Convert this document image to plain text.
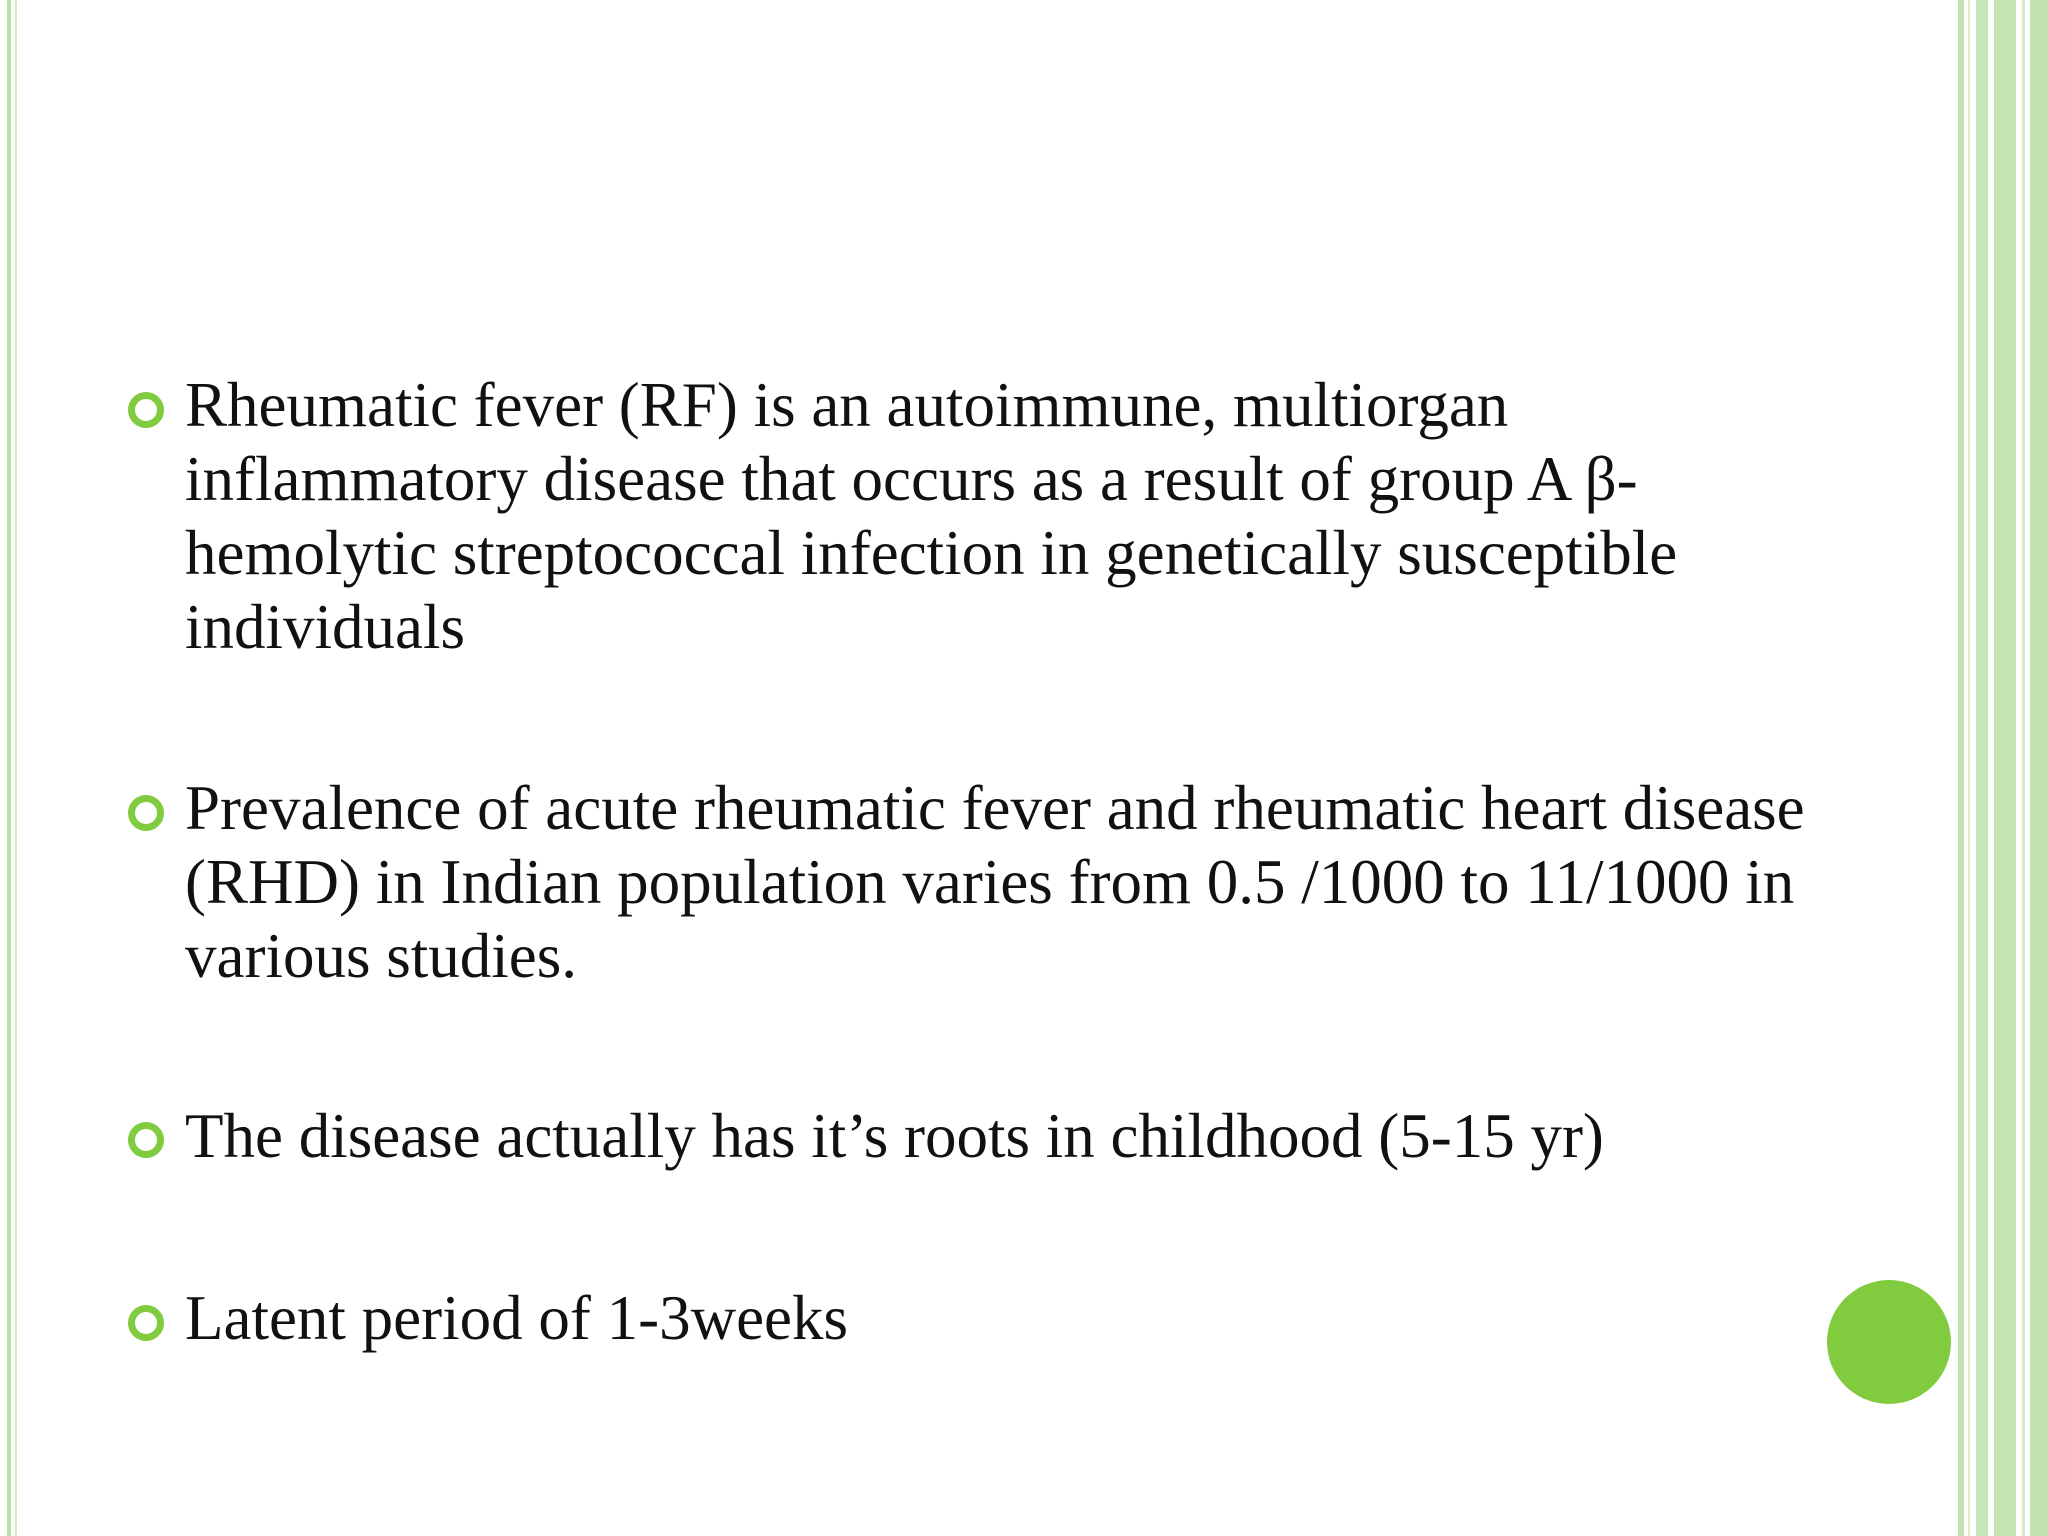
Rheumatic fever (RF) is an autoimmune, multiorgan inflammatory disease that occurs as a result of group A β-hemolytic streptococcal infection in genetically susceptible individuals
Prevalence of acute rheumatic fever and rheumatic heart disease (RHD) in Indian population varies from 0.5 /1000 to 11/1000 in various studies.
The disease actually has it’s roots in childhood (5-15 yr)
Latent period of 1-3weeks
